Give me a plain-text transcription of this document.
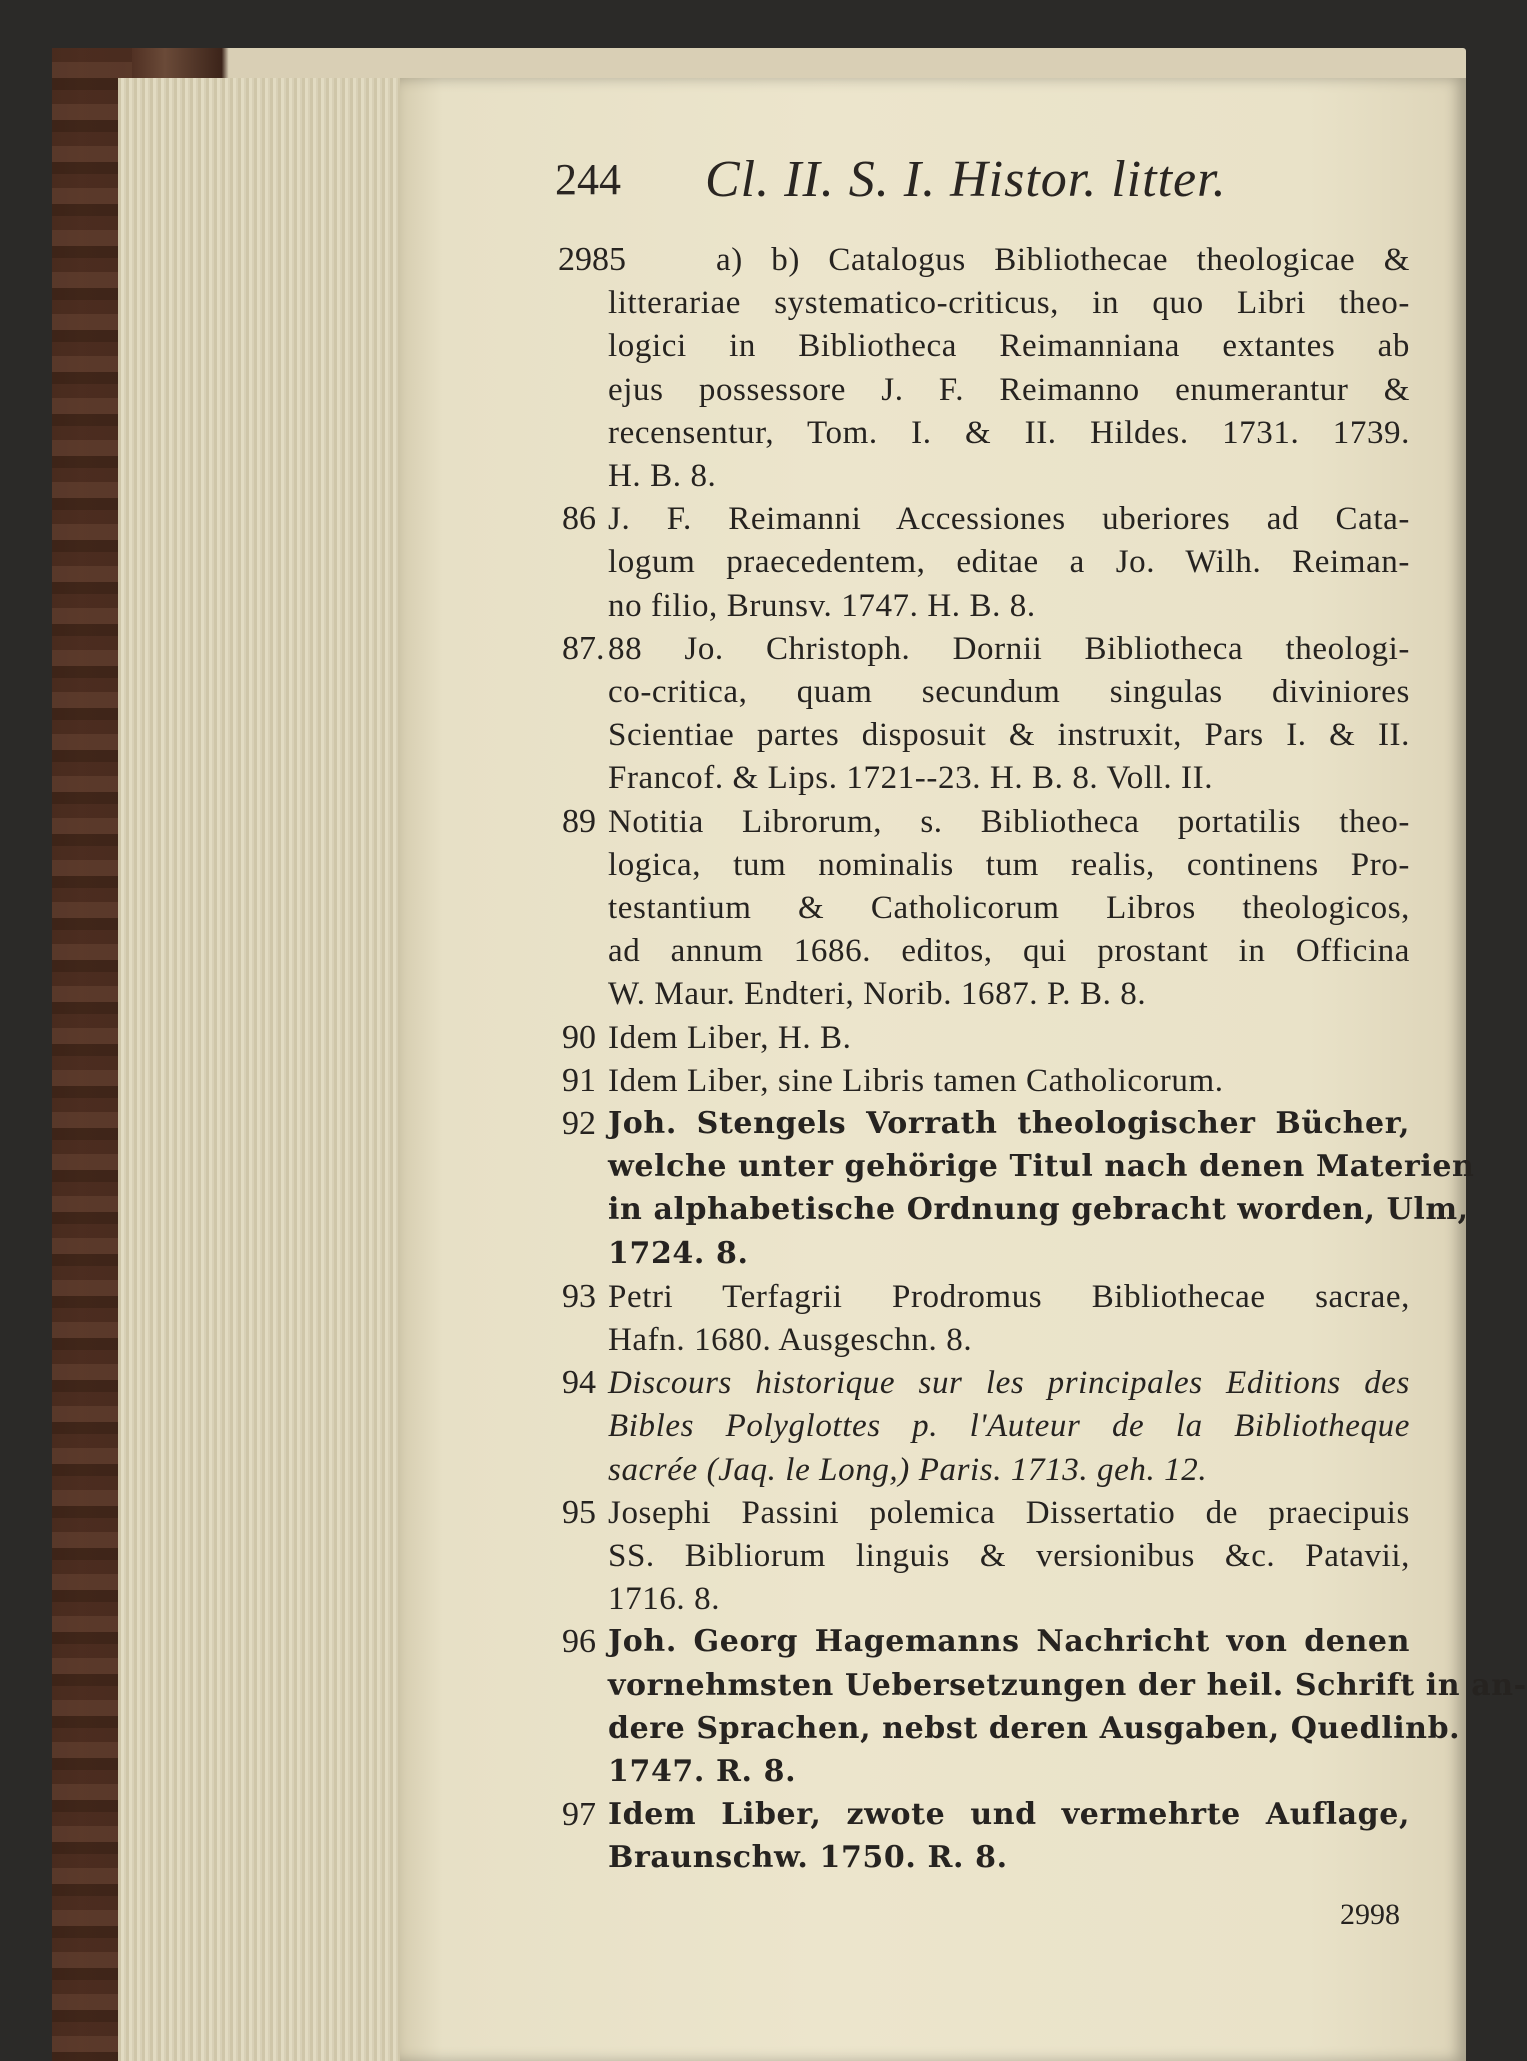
244 Cl. II. S. I. Histor. litter.
2985	a) b) Catalogus Bibliothecae theologicae &
litterariae systematico-criticus, in quo Libri theo-
logici in Bibliotheca Reimanniana extantes ab
ejus possessore J. F. Reimanno enumerantur &
recensentur, Tom. I. & II. Hildes. 1731. 1739.
H. B. 8.
86 J. F. Reimanni Accessiones uberiores ad Cata-
logum praecedentem, editae a Jo. Wilh. Reiman-
no filio, Brunsv. 1747. H. B. 8.
87. 88 Jo. Christoph. Dornii Bibliotheca theologi-
co-critica, quam secundum singulas diviniores
Scientiae partes disposuit & instruxit, Pars I. & II.
Francof. & Lips. 1721--23. H. B. 8. Voll. II.
89 Notitia Librorum, s. Bibliotheca portatilis theo-
logica, tum nominalis tum realis, continens Pro-
testantium & Catholicorum Libros theologicos,
ad annum 1686. editos, qui prostant in Officina
W. Maur. Endteri, Norib. 1687. P. B. 8.
90 Idem Liber, H. B.
91 Idem Liber, sine Libris tamen Catholicorum.
92 Joh. Stengels Vorrath theologischer Bücher,
welche unter gehörige Titul nach denen Materien
in alphabetische Ordnung gebracht worden, Ulm,
1724. 8.
93 Petri Terfagrii Prodromus Bibliothecae sacrae,
Hafn. 1680. Ausgeschn. 8.
94 Discours historique sur les principales Editions des
Bibles Polyglottes p. l'Auteur de la Bibliotheque
sacrée (Jaq. le Long,) Paris. 1713. geh. 12.
95 Josephi Passini polemica Dissertatio de praecipuis
SS. Bibliorum linguis & versionibus &c. Patavii,
1716. 8.
96 Joh. Georg Hagemanns Nachricht von denen
vornehmsten Uebersetzungen der heil. Schrift in an-
dere Sprachen, nebst deren Ausgaben, Quedlinb.
1747. R. 8.
97 Idem Liber, zwote und vermehrte Auflage,
Braunschw. 1750. R. 8.
2998
